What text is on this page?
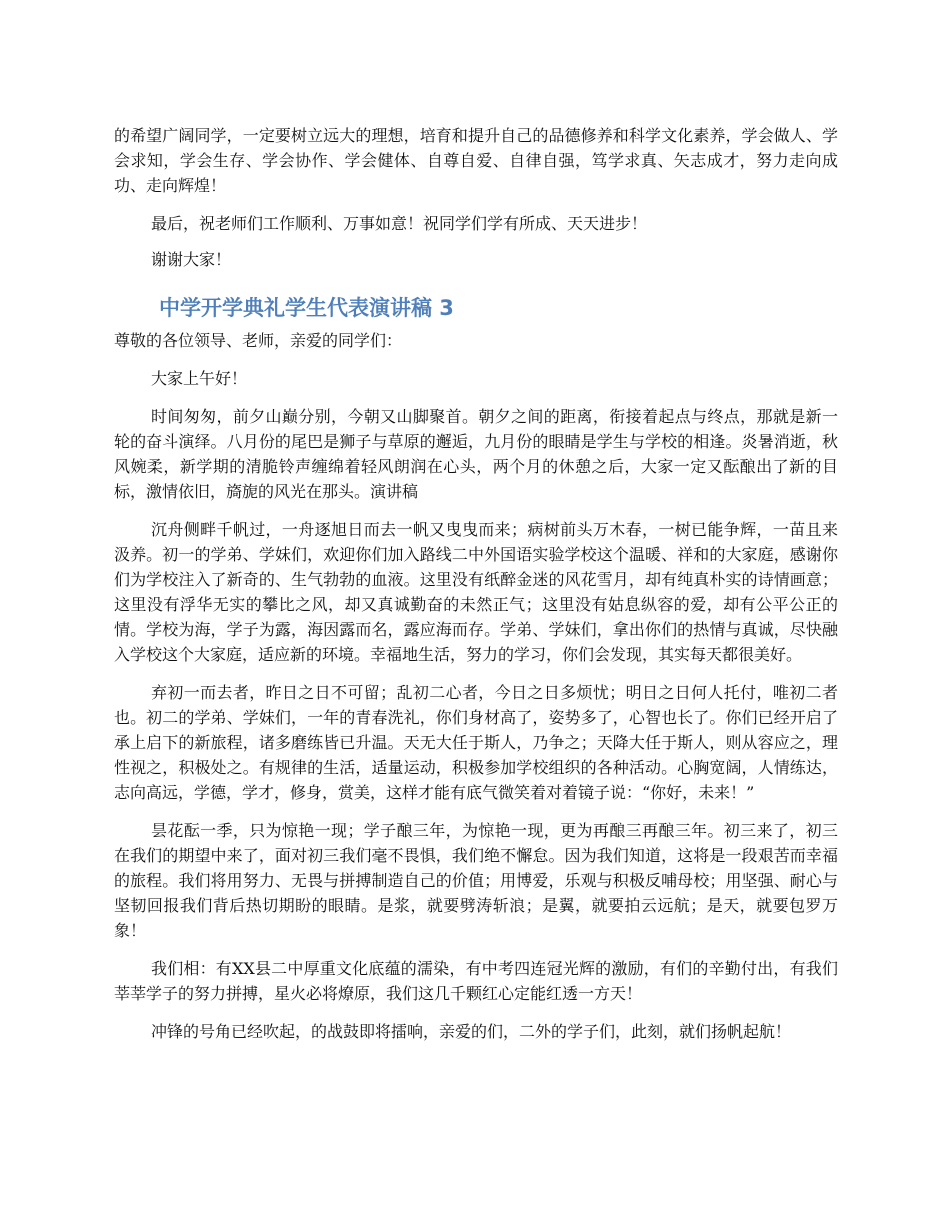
的希望广阔同学，一定要树立远大的理想，培育和提升自己的品德修养和科学文化素养，学会做人、学会求知，学会生存、学会协作、学会健体、自尊自爱、自律自强，笃学求真、矢志成才，努力走向成功、走向辉煌！

最后，祝老师们工作顺利、万事如意！祝同学们学有所成、天天进步！

谢谢大家！

中学开学典礼学生代表演讲稿 3

尊敬的各位领导、老师，亲爱的同学们：

大家上午好！

时间匆匆，前夕山巅分别，今朝又山脚聚首。朝夕之间的距离，衔接着起点与终点，那就是新一轮的奋斗演绎。八月份的尾巴是狮子与草原的邂逅，九月份的眼睛是学生与学校的相逢。炎暑消逝，秋风婉柔，新学期的清脆铃声缠绵着轻风朗润在心头，两个月的休憩之后，大家一定又酝酿出了新的目标，激情依旧，旖旎的风光在那头。演讲稿

沉舟侧畔千帆过，一舟逐旭日而去一帆又曳曳而来；病树前头万木春，一树已能争辉，一苗且来汲养。初一的学弟、学妹们，欢迎你们加入路线二中外国语实验学校这个温暖、祥和的大家庭，感谢你们为学校注入了新奇的、生气勃勃的血液。这里没有纸醉金迷的风花雪月，却有纯真朴实的诗情画意；这里没有浮华无实的攀比之风，却又真诚勤奋的未然正气；这里没有姑息纵容的爱，却有公平公正的情。学校为海，学子为露，海因露而名，露应海而存。学弟、学妹们，拿出你们的热情与真诚，尽快融入学校这个大家庭，适应新的环境。幸福地生活，努力的学习，你们会发现，其实每天都很美好。

弃初一而去者，昨日之日不可留；乱初二心者，今日之日多烦忧；明日之日何人托付，唯初二者也。初二的学弟、学妹们，一年的青春洗礼，你们身材高了，姿势多了，心智也长了。你们已经开启了承上启下的新旅程，诸多磨练皆已升温。天无大任于斯人，乃争之；天降大任于斯人，则从容应之，理性视之，积极处之。有规律的生活，适量运动，积极参加学校组织的各种活动。心胸宽阔，人情练达，志向高远，学德，学才，修身，赏美，这样才能有底气微笑着对着镜子说：“你好，未来！”

昙花酝一季，只为惊艳一现；学子酿三年，为惊艳一现，更为再酿三再酿三年。初三来了，初三在我们的期望中来了，面对初三我们毫不畏惧，我们绝不懈怠。因为我们知道，这将是一段艰苦而幸福的旅程。我们将用努力、无畏与拼搏制造自己的价值；用博爱，乐观与积极反哺母校；用坚强、耐心与坚韧回报我们背后热切期盼的眼睛。是浆，就要劈涛斩浪；是翼，就要拍云远航；是天，就要包罗万象！

我们相：有XX县二中厚重文化底蕴的濡染，有中考四连冠光辉的激励，有们的辛勤付出，有我们莘莘学子的努力拼搏，星火必将燎原，我们这几千颗红心定能红透一方天！

冲锋的号角已经吹起，的战鼓即将擂响，亲爱的们，二外的学子们，此刻，就们扬帆起航！
